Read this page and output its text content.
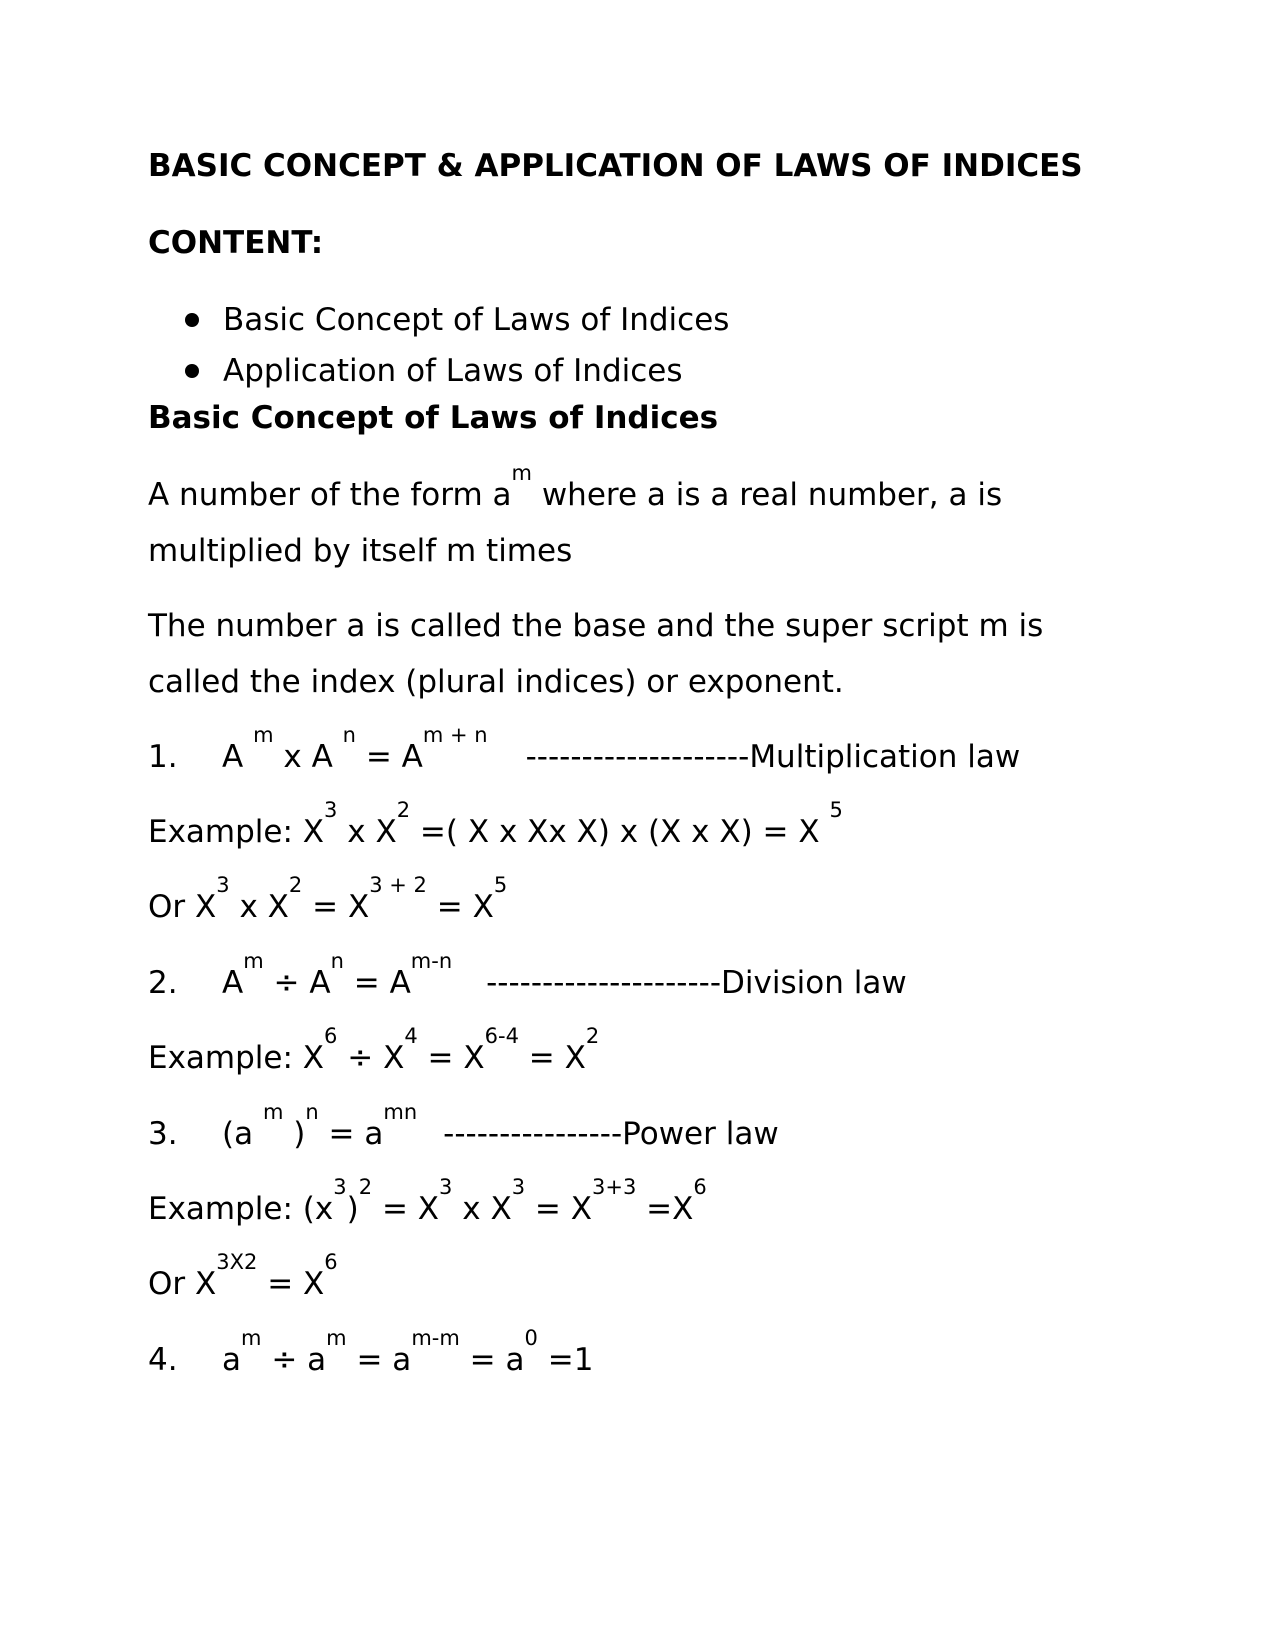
BASIC CONCEPT & APPLICATION OF LAWS OF INDICES
CONTENT:
Basic Concept of Laws of Indices
Application of Laws of Indices
Basic Concept of Laws of Indices
A number of the form $a^m$ where a is a real number, a is
multiplied by itself m times
The number a is called the base and the super script m is
called the index (plural indices) or exponent.
1. A $^m$ x A $^n = A^{m + n}-------------------$-Multiplication law
Example: $X^3$ x $X^2$ =( X x Xx X) x (X x X) = X $^5$
Or $X^3$ x $X^2 = X^{3 + 2} = X^5$
2. $A^m \div A^n$ = $A^{m-n}--------------------$-Division law
Example: $X^6 \div X^4 = X^{6-4} = X^2$
3. (a $^m$ )$^n = a^{mn}---------------$-Power law
Example: $(x^3)^2 = X^3$ x $X^3 = X^{3+3} =X^6$
Or $X^{3X2} = X^6$
4. $a^m \div a^m = a^{m-m} = a^0 =1$
